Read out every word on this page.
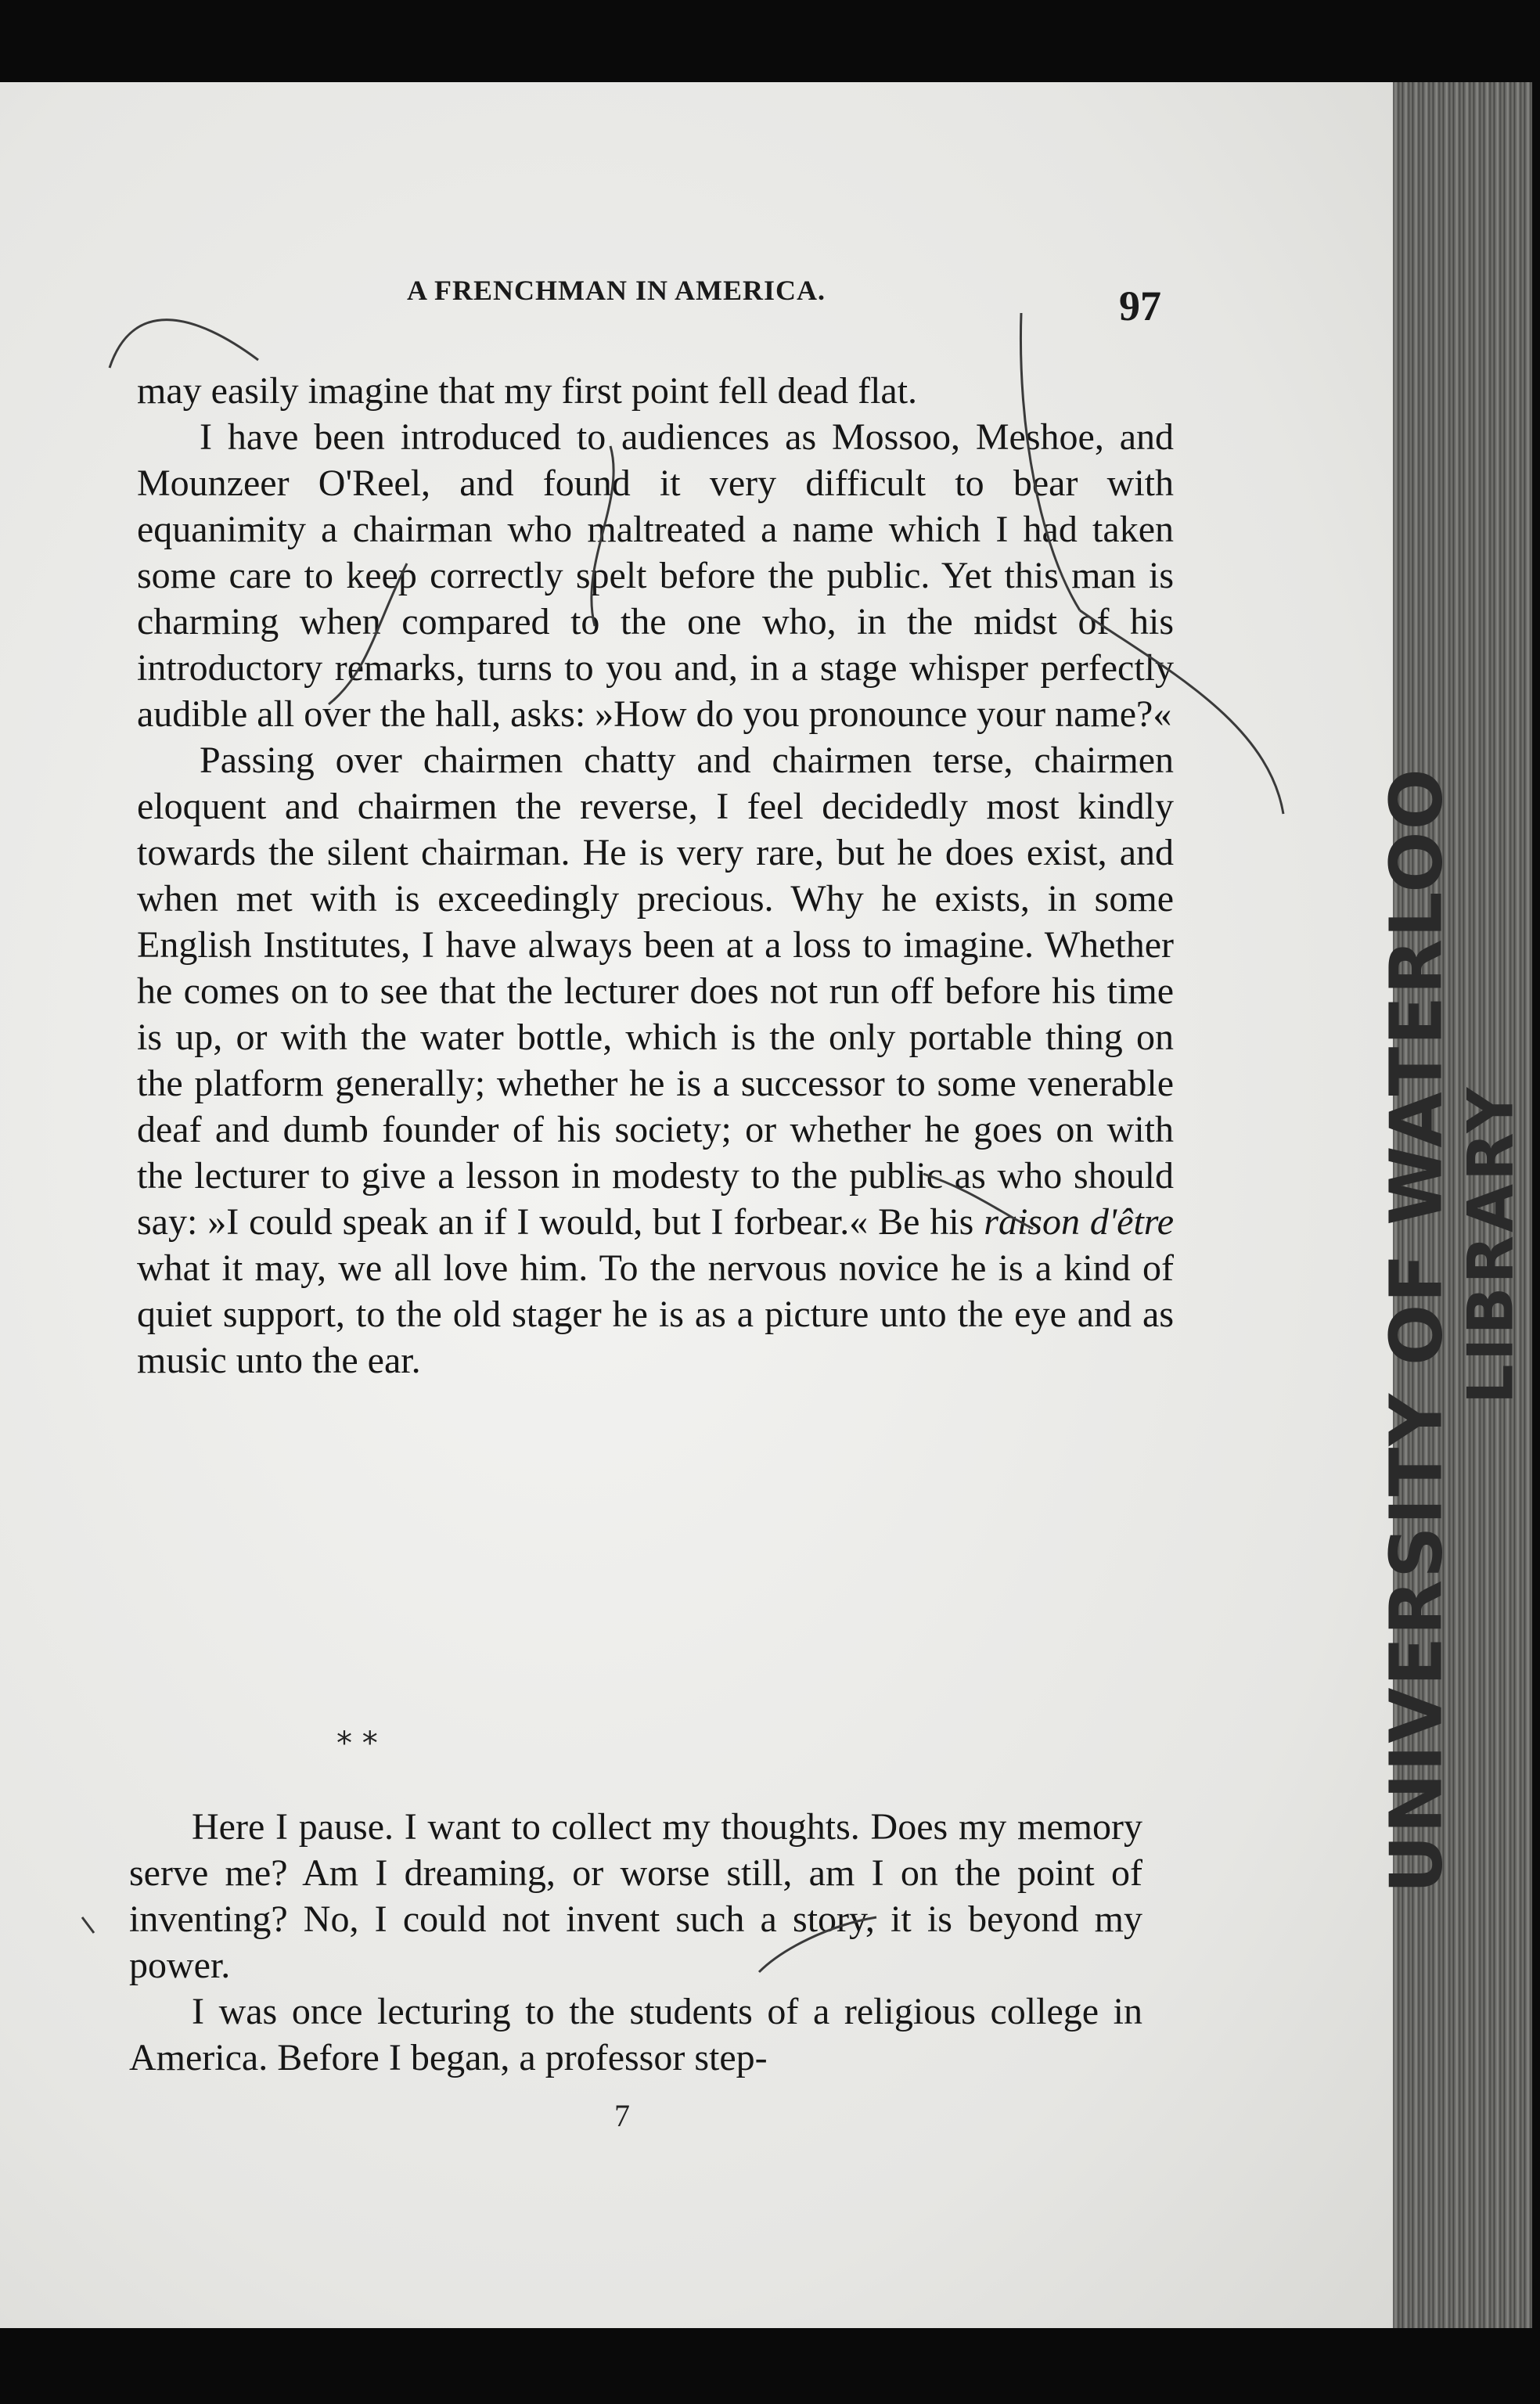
UNIVERSITY OF WATERLOO
LIBRARY
A FRENCHMAN IN AMERICA.	97

may easily imagine that my first point fell dead flat.

I have been introduced to audiences as Mossoo, Meshoe, and Mounzeer O'Reel, and found it very difficult to bear with equanimity a chairman who maltreated a name which I had taken some care to keep correctly spelt before the public. Yet this man is charming when compared to the one who, in the midst of his introductory remarks, turns to you and, in a stage whisper perfectly audible all over the hall, asks: »How do you pronounce your name?«

Passing over chairmen chatty and chairmen terse, chairmen eloquent and chairmen the reverse, I feel decidedly most kindly towards the silent chairman. He is very rare, but he does exist, and when met with is exceedingly precious. Why he exists, in some English Institutes, I have always been at a loss to imagine. Whether he comes on to see that the lecturer does not run off before his time is up, or with the water bottle, which is the only portable thing on the platform generally; whether he is a successor to some venerable deaf and dumb founder of his society; or whether he goes on with the lecturer to give a lesson in modesty to the public as who should say: »I could speak an if I would, but I forbear.« Be his raison d'être what it may, we all love him. To the nervous novice he is a kind of quiet support, to the old stager he is as a picture unto the eye and as music unto the ear.

* *

Here I pause. I want to collect my thoughts. Does my memory serve me? Am I dreaming, or worse still, am I on the point of inventing? No, I could not invent such a story, it is beyond my power.

I was once lecturing to the students of a religious college in America. Before I began, a professor step-

7
